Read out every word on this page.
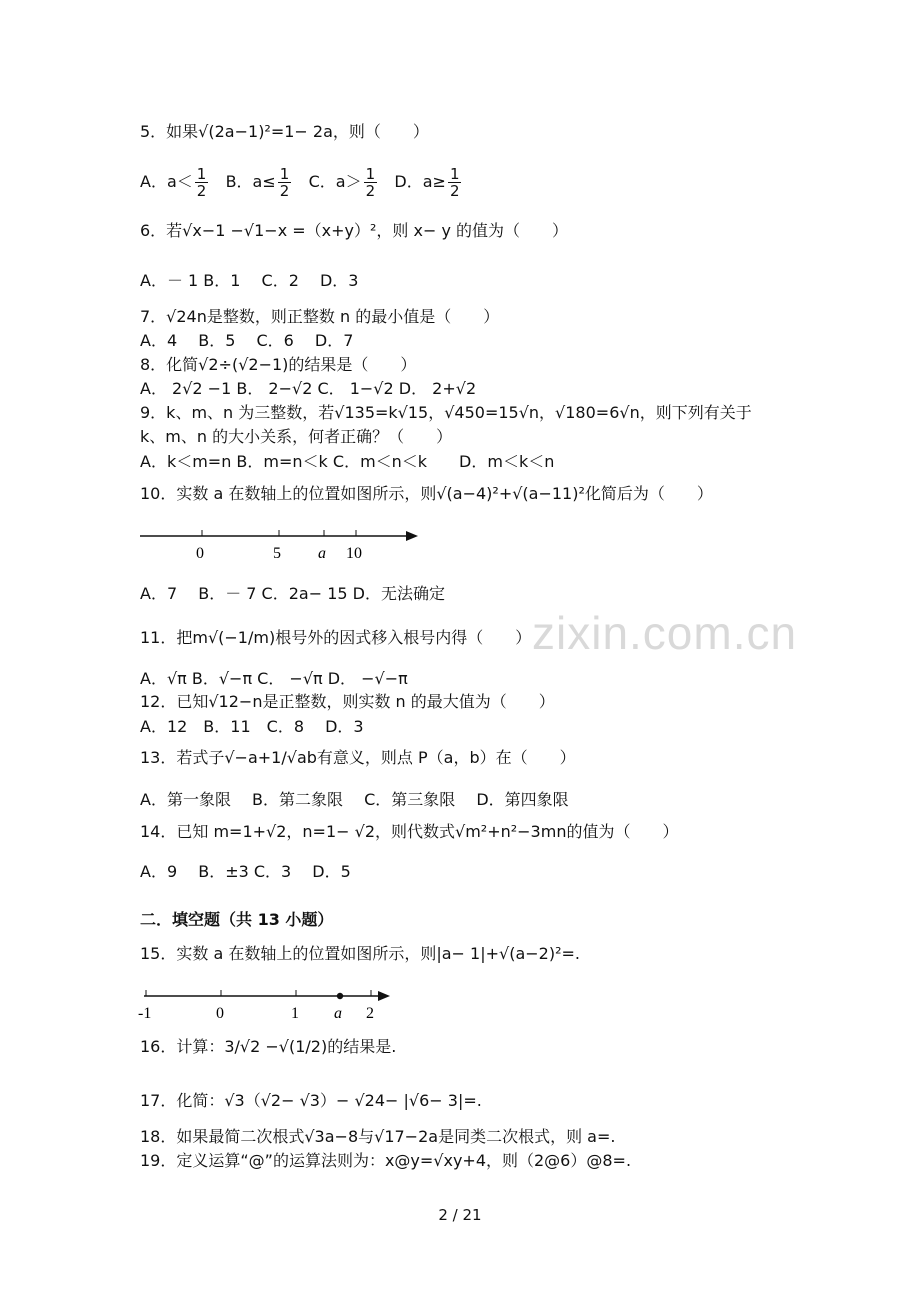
zixin.com.cn
5．如果√(2a−1)²=1− 2a，则（　　）
A．$a< \frac{1}{2}$ B．$a\le \frac{1}{2}$ C．$a> \frac{1}{2}$ D．$a\ge \frac{1}{2}$
6．若√x−1 −√1−x =（x+y）²，则 x− y 的值为（　　）
A．－ 1 B．1　 C．2　 D．3
7．√24n是整数，则正整数 n 的最小值是（　　）
A．4　 B．5　 C．6　 D．7
8．化简√2÷(√2−1)的结果是（　　）
A． 2√2 −1 B． 2−√2 C． 1−√2 D． 2+√2
9．k、m、n 为三整数，若√135=k√15，√450=15√n，√180=6√n，则下列有关于
k、m、n 的大小关系，何者正确？（　　）
A．k＜m=n B．m=n＜k C．m＜n＜k　　D．m＜k＜n
10．实数 a 在数轴上的位置如图所示，则√(a−4)²+√(a−11)²化简后为（　　）
0	5 a 10
A．7　 B．－ 7 C．2a− 15 D．无法确定
11．把m√(−1/m)根号外的因式移入根号内得（　　）
A．√π B．√−π C． −√π D． −√−π
12．已知√12−n是正整数，则实数 n 的最大值为（　　）
A．12　B．11　C．8　 D．3
13．若式子√−a+1/√ab有意义，则点 P（a，b）在（　　）
A．第一象限　 B．第二象限　 C．第三象限　 D．第四象限
14．已知 m=1+√2，n=1− √2，则代数式√m²+n²−3mn的值为（　　）
A．9　 B．±3 C．3　 D．5
二．填空题（共 13 小题）
15．实数 a 在数轴上的位置如图所示，则|a− 1|+√(a−2)²=.
-1	0	1 a 2
16．计算：3/√2 −√(1/2)的结果是.
17．化简：√3（√2− √3）− √24− |√6− 3|=.
18．如果最简二次根式√3a−8与√17−2a是同类二次根式，则 a=.
19．定义运算“@”的运算法则为：x@y=√xy+4，则（2@6）@8=.
2 / 21
